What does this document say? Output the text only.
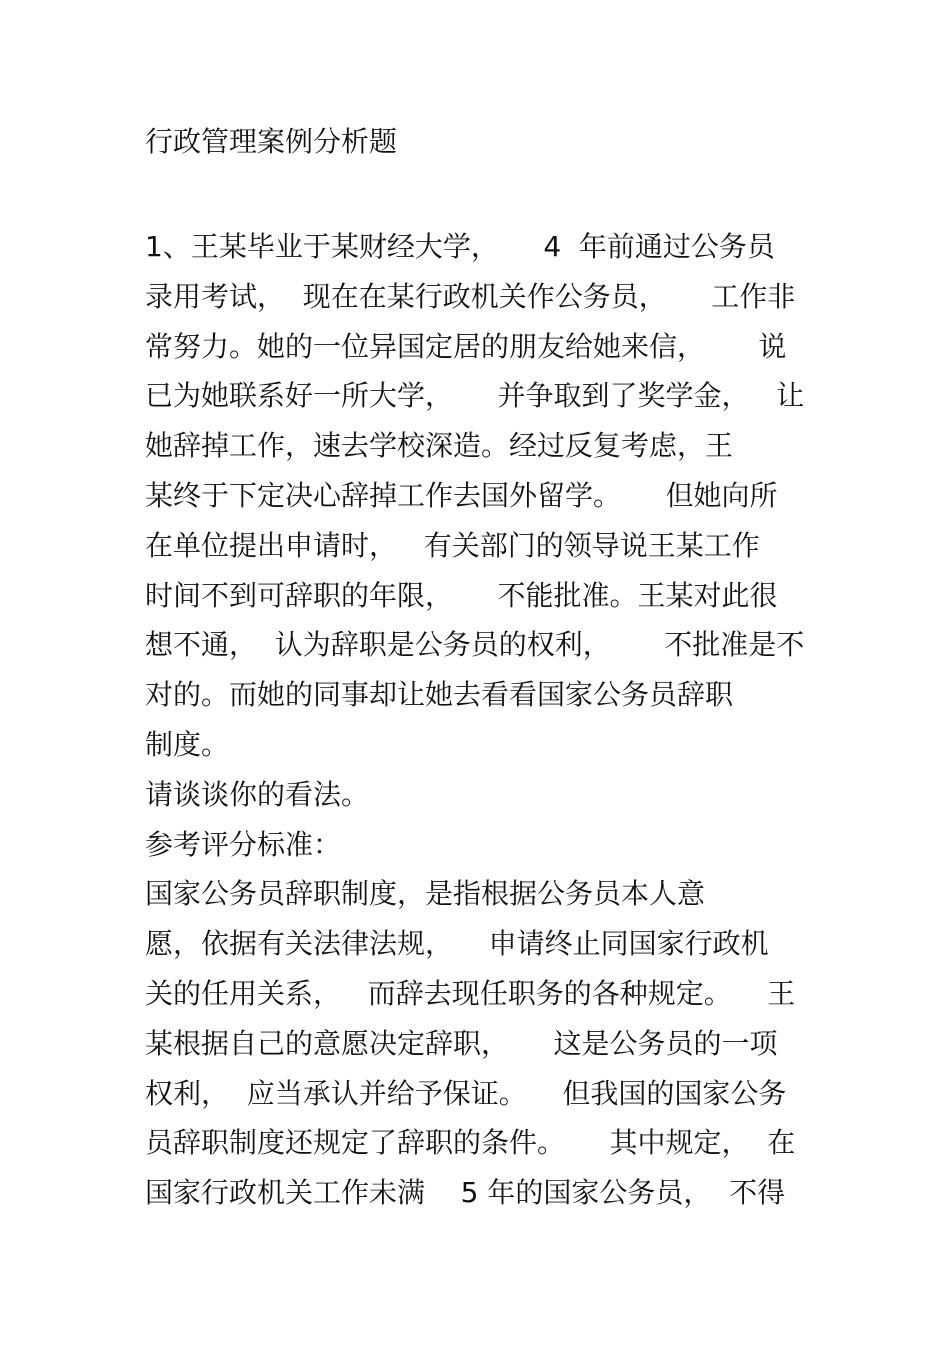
行政管理案例分析题
1、王某毕业于某财经大学，     4  年前通过公务员
录用考试，  现在在某行政机关作公务员，     工作非
常努力。她的一位异国定居的朋友给她来信，      说
已为她联系好一所大学，     并争取到了奖学金，   让
她辞掉工作，速去学校深造。经过反复考虑，王
某终于下定决心辞掉工作去国外留学。     但她向所
在单位提出申请时，   有关部门的领导说王某工作
时间不到可辞职的年限，     不能批准。王某对此很
想不通，  认为辞职是公务员的权利，      不批准是不
对的。而她的同事却让她去看看国家公务员辞职
制度。
请谈谈你的看法。
参考评分标准：
国家公务员辞职制度，是指根据公务员本人意
愿，依据有关法律法规，    申请终止同国家行政机
关的任用关系，   而辞去现任职务的各种规定。    王
某根据自己的意愿决定辞职，     这是公务员的一项
权利，  应当承认并给予保证。    但我国的国家公务
员辞职制度还规定了辞职的条件。     其中规定，  在
国家行政机关工作未满    5 年的国家公务员，  不得
